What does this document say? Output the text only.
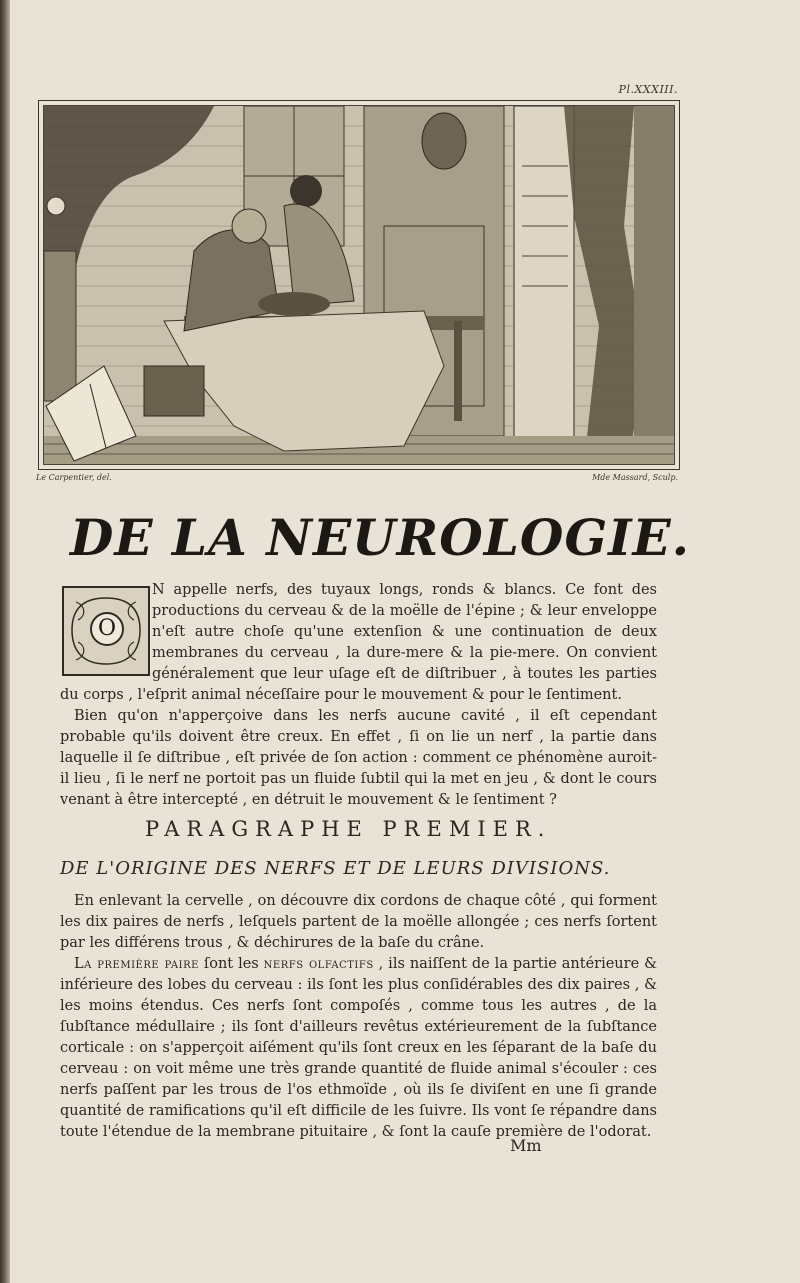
Pl.XXXIII.
Le Carpentier, del.	Mde Massard, Sculp.
DE LA NEUROLOGIE.
O

N appelle nerfs, des tuyaux longs, ronds & blancs. Ce font des productions du cerveau & de la moëlle de l'épine ; & leur enveloppe n'eſt autre choſe qu'une extenſion & une continuation de deux membranes du cerveau , la dure-mere & la pie-mere. On convient généralement que leur uſage eſt de diſtribuer , à toutes les parties du corps , l'eſprit animal néceſſaire pour le mouvement & pour le ſentiment.

Bien qu'on n'apperçoive dans les nerfs aucune cavité , il eſt cependant probable qu'ils doivent être creux. En effet , ſi on lie un nerf , la partie dans laquelle il ſe diſtribue , eſt privée de ſon action : comment ce phénomène auroit-il lieu , ſi le nerf ne portoit pas un fluide ſubtil qui la met en jeu , & dont le cours venant à être intercepté , en détruit le mouvement & le ſentiment ?

PARAGRAPHE PREMIER.
DE L'ORIGINE DES NERFS ET DE LEURS DIVISIONS.

En enlevant la cervelle , on découvre dix cordons de chaque côté , qui forment les dix paires de nerfs , leſquels partent de la moëlle allongée ; ces nerfs ſortent par les différens trous , & déchirures de la baſe du crâne.

La première paire ſont les nerfs olfactifs , ils naiſſent de la partie antérieure & inférieure des lobes du cerveau : ils ſont les plus conſidérables des dix paires , & les moins étendus. Ces nerfs ſont compoſés , comme tous les autres , de la ſubſtance médullaire ; ils ſont d'ailleurs revêtus extérieurement de la ſubſtance corticale : on s'apperçoit aiſément qu'ils ſont creux en les ſéparant de la baſe du cerveau : on voit même une très grande quantité de fluide animal s'écouler : ces nerfs paſſent par les trous de l'os ethmoïde , où ils ſe diviſent en une ſi grande quantité de ramifications qu'il eſt difficile de les ſuivre. Ils vont ſe répandre dans toute l'étendue de la membrane pituitaire , & ſont la cauſe première de l'odorat.

Mm
